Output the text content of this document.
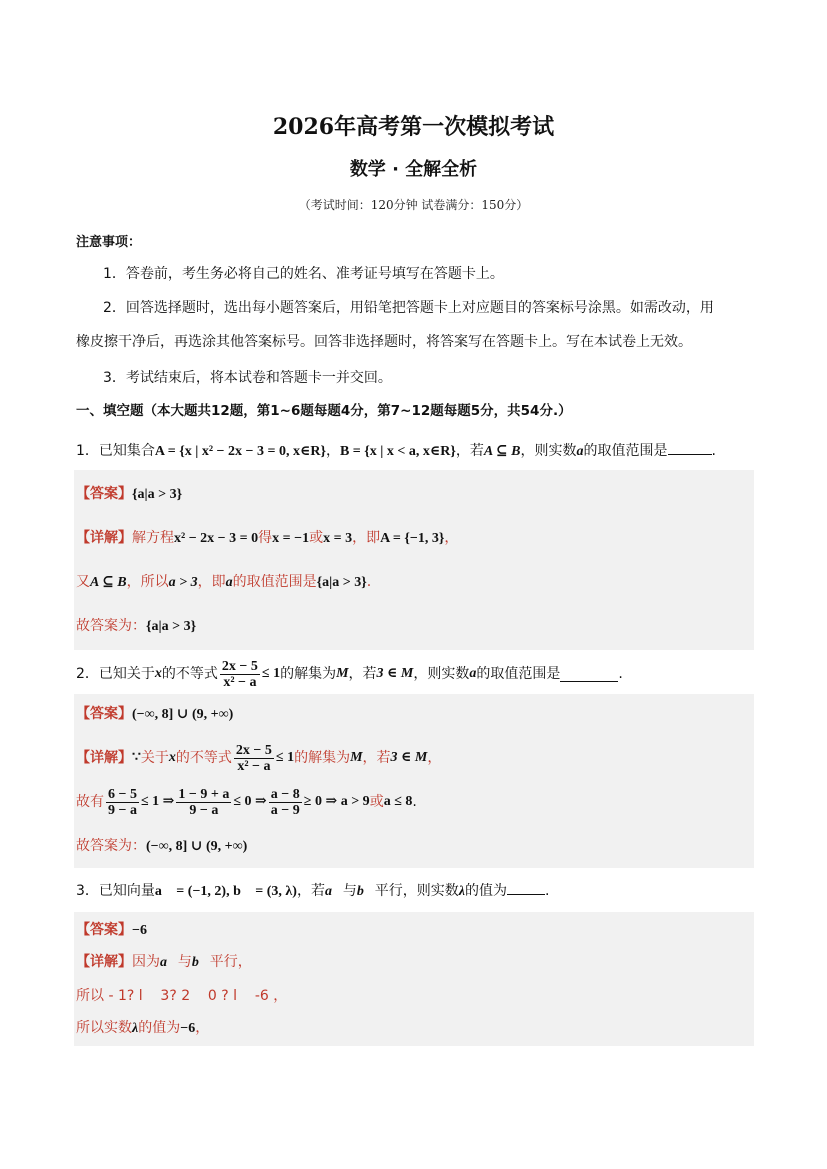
2026年高考第一次模拟考试
数学 · 全解全析
（考试时间：120分钟 试卷满分：150分）
注意事项：
1．答卷前，考生务必将自己的姓名、准考证号填写在答题卡上。
2．回答选择题时，选出每小题答案后，用铅笔把答题卡上对应题目的答案标号涂黑。如需改动，用
橡皮擦干净后，再选涂其他答案标号。回答非选择题时，将答案写在答题卡上。写在本试卷上无效。
3．考试结束后，将本试卷和答题卡一并交回。
一、填空题（本大题共12题，第1~6题每题4分，第7~12题每题5分，共54分.）
1．已知集合A = {x | x² − 2x − 3 = 0, x∈R}，B = {x | x < a, x∈R}，若A ⊆ B，则实数a的取值范围是	.
【答案】{a|a > 3}
【详解】解方程x² − 2x − 3 = 0得x = −1或x = 3，即A = {−1, 3}，
又A ⊆ B，所以a > 3，即a的取值范围是{a|a > 3}.
故答案为：{a|a > 3}
2．已知关于 x 的不等式 $\frac{2x - 5}{\text{x² − a}} \le 1$ 的解集为 M ，若 3 ∈ M ，则实数 a 的取值范围是	.
【答案】(−∞, 8] ∪ (9, +∞)
【详解】 ∵ 关于 x 的不等式 $\frac{2x - 5}{\text{x² − a}} \le 1$ 的解集为 M ，若 3 ∈ M ，
故有 $\frac{6 - 5}{9 - a} \le 1$ ⇒ $\frac{1 - 9 + a}{9 - a} \le 0$ ⇒ $\frac{a - 8}{a - 9} \ge 0$ ⇒ a > 9 或 a ≤ 8 .
故答案为：(−∞, 8] ∪ (9, +∞)
3．已知向量a⃗ = (−1, 2), b⃗ = (3, λ)，若a⃗与b⃗平行，则实数λ的值为	.
【答案】−6
【详解】因为a⃗与b⃗平行，
所以 - 1? l    3? 2    0 ? l    -6 ，
所以实数λ的值为−6，
